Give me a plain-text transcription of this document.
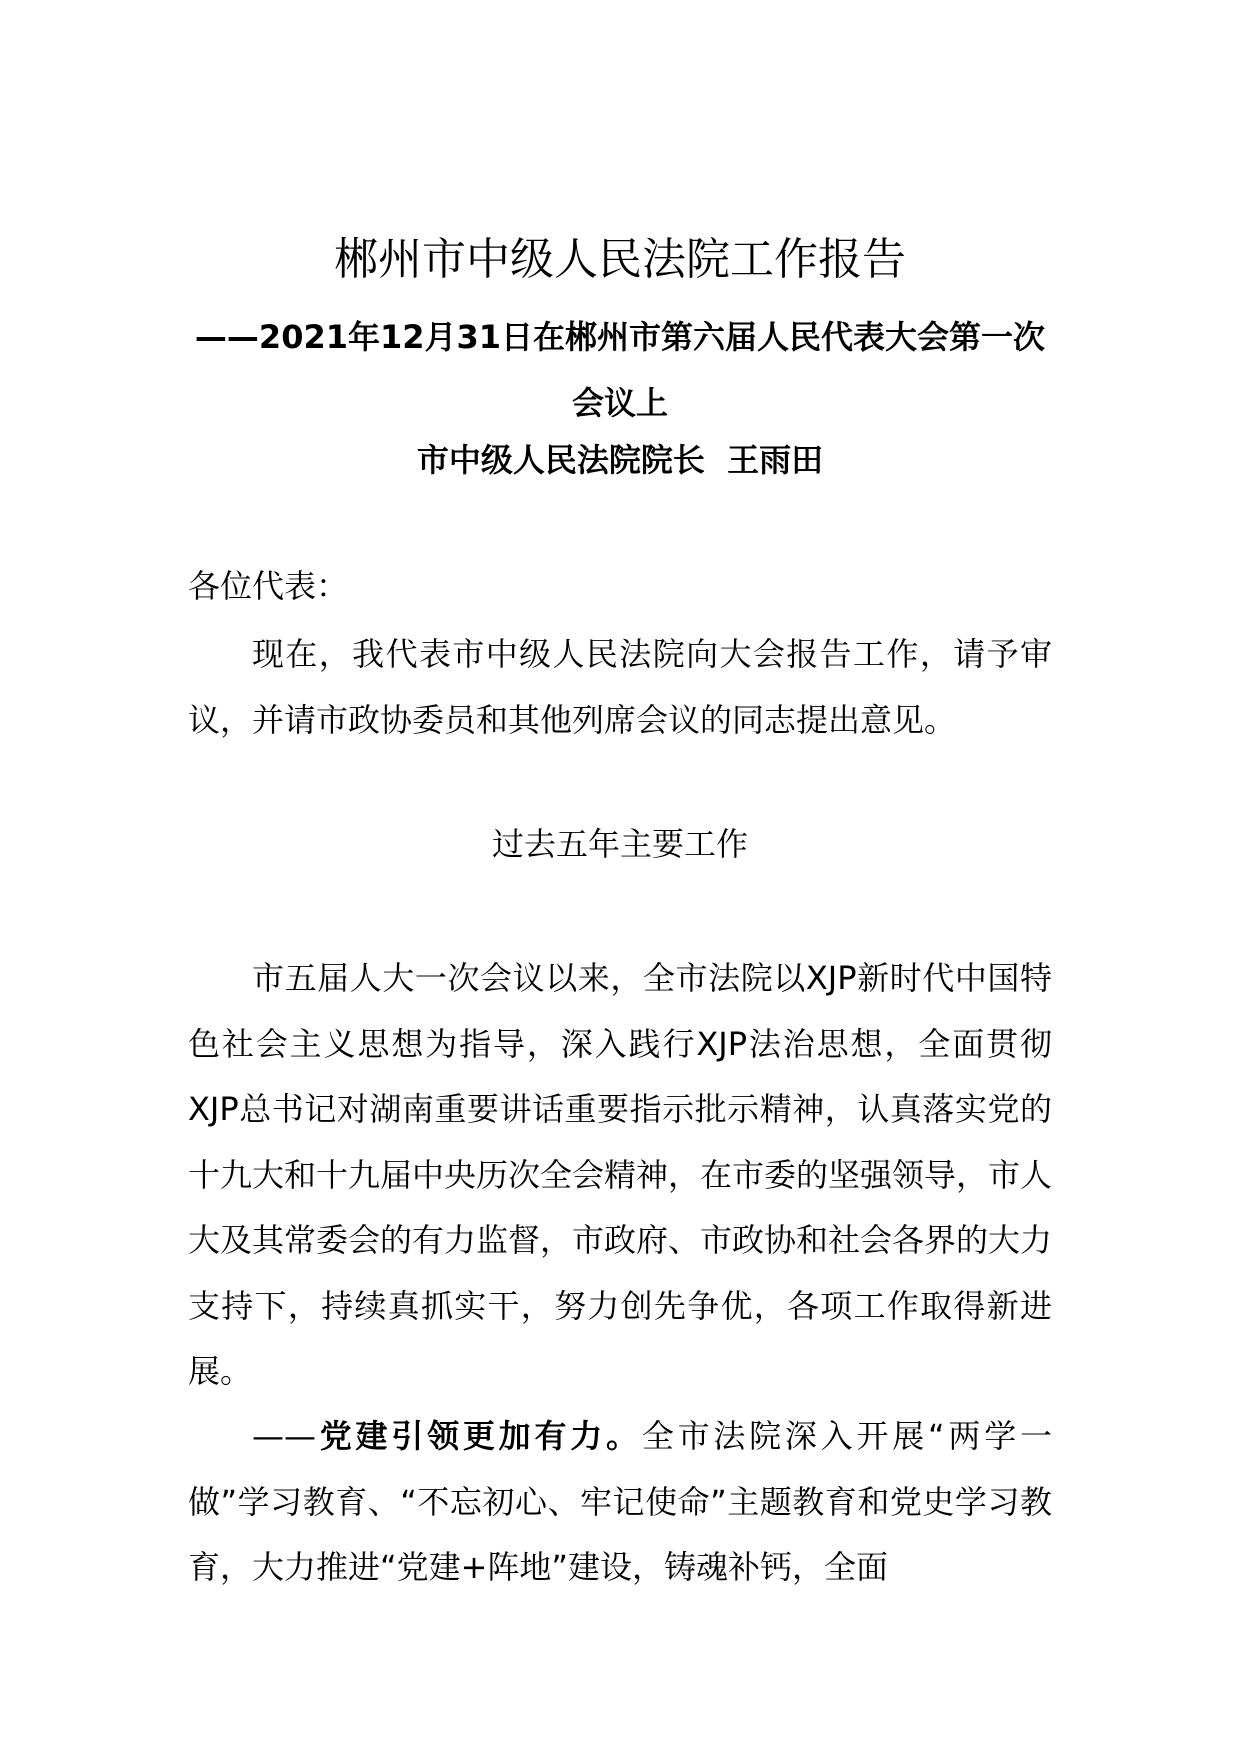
郴州市中级人民法院工作报告
——2021年12月31日在郴州市第六届人民代表大会第一次会议上

市中级人民法院院长  王雨田

各位代表：

现在，我代表市中级人民法院向大会报告工作，请予审议，并请市政协委员和其他列席会议的同志提出意见。

过去五年主要工作

市五届人大一次会议以来，全市法院以XJP新时代中国特色社会主义思想为指导，深入践行XJP法治思想，全面贯彻XJP总书记对湖南重要讲话重要指示批示精神，认真落实党的十九大和十九届中央历次全会精神，在市委的坚强领导，市人大及其常委会的有力监督，市政府、市政协和社会各界的大力支持下，持续真抓实干，努力创先争优，各项工作取得新进展。

——党建引领更加有力。全市法院深入开展“两学一做”学习教育、“不忘初心、牢记使命”主题教育和党史学习教育，大力推进“党建+阵地”建设，铸魂补钙，全面
